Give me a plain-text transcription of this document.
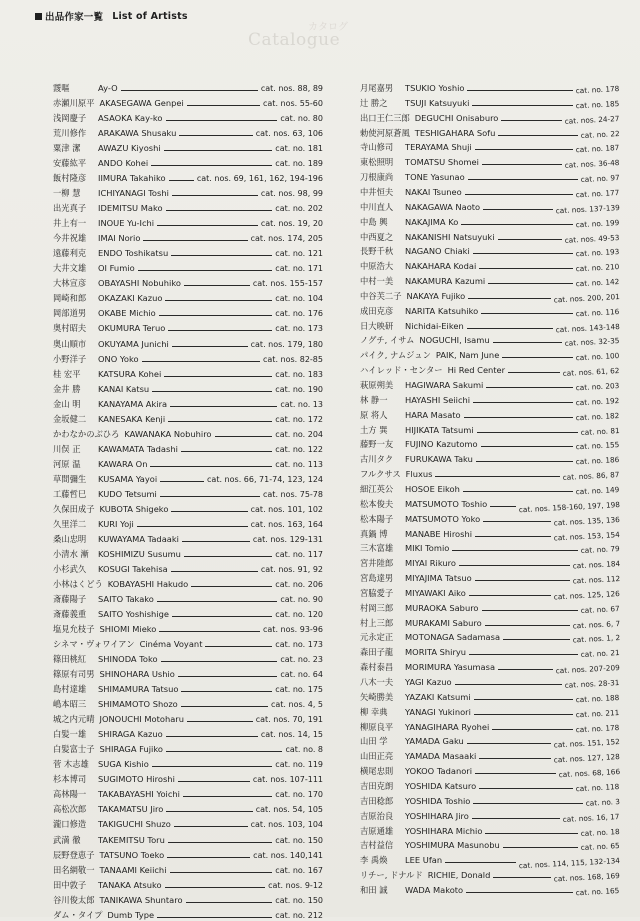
出品作家一覧 List of Artists
カタログ
Catalogue
靉嘔	Ay-O	cat. nos. 88, 89
赤瀬川原平 AKASEGAWA Genpei	cat. nos. 55-60
浅岡慶子	ASAOKA Kay-ko	cat. no. 80
荒川修作	ARAKAWA Shusaku	cat. nos. 63, 106
粟津 潔	AWAZU Kiyoshi	cat. no. 181
安藤紘平	ANDO Kohei	cat. no. 189
飯村隆彦	IIMURA Takahiko	cat. nos. 69, 161, 162, 194-196
一柳 慧	ICHIYANAGI Toshi	cat. nos. 98, 99
出光真子	IDEMITSU Mako	cat. no. 202
井上有一	INOUE Yu-Ichi	cat. nos. 19, 20
今井祝雄	IMAI Norio	cat. nos. 174, 205
遠藤利克	ENDO Toshikatsu	cat. no. 121
大井文雄	OI Fumio	cat. no. 171
大林宣彦	OBAYASHI Nobuhiko	cat. nos. 155-157
岡崎和郎	OKAZAKI Kazuo	cat. no. 104
岡部道男	OKABE Michio	cat. no. 176
奥村昭夫	OKUMURA Teruo	cat. no. 173
奥山順市	OKUYAMA Junichi	cat. nos. 179, 180
小野洋子	ONO Yoko	cat. nos. 82-85
桂 宏平	KATSURA Kohei	cat. no. 183
金井 勝	KANAI Katsu	cat. no. 190
金山 明	KANAYAMA Akira	cat. no. 13
金坂健二	KANESAKA Kenji	cat. no. 172
かわなかのぶひろ KAWANAKA Nobuhiro	cat. no. 204
川俣 正	KAWAMATA Tadashi	cat. no. 122
河原 温	KAWARA On	cat. no. 113
草間彌生	KUSAMA Yayoi	cat. nos. 66, 71-74, 123, 124
工藤哲巳	KUDO Tetsumi	cat. nos. 75-78
久保田成子 KUBOTA Shigeko	cat. nos. 101, 102
久里洋二	KURI Yoji	cat. nos. 163, 164
桑山忠明	KUWAYAMA Tadaaki	cat. nos. 129-131
小清水 漸	KOSHIMIZU Susumu	cat. no. 117
小杉武久	KOSUGI Takehisa	cat. nos. 91, 92
小林はくどう KOBAYASHI Hakudo	cat. no. 206
斎藤陽子	SAITO Takako	cat. no. 90
斎藤義重	SAITO Yoshishige	cat. no. 120
塩見允枝子 SHIOMI Mieko	cat. nos. 93-96
シネマ・ヴォワイアン Cinéma Voyant	cat. no. 173
篠田桃紅	SHINODA Toko	cat. no. 23
篠原有司男 SHINOHARA Ushio	cat. no. 64
島村達雄	SHIMAMURA Tatsuo	cat. no. 175
嶋本昭三	SHIMAMOTO Shozo	cat. nos. 4, 5
城之内元晴 JONOUCHI Motoharu	cat. nos. 70, 191
白髪一雄	SHIRAGA Kazuo	cat. nos. 14, 15
白髪富士子 SHIRAGA Fujiko	cat. no. 8
菅 木志雄	SUGA Kishio	cat. no. 119
杉本博司	SUGIMOTO Hiroshi	cat. nos. 107-111
高林陽一	TAKABAYASHI Yoichi	cat. no. 170
高松次郎	TAKAMATSU Jiro	cat. nos. 54, 105
瀧口修造	TAKIGUCHI Shuzo	cat. nos. 103, 104
武満 徹	TAKEMITSU Toru	cat. no. 150
辰野登恵子 TATSUNO Toeko	cat. nos. 140,141
田名網敬一 TANAAMI Keiichi	cat. no. 167
田中敦子	TANAKA Atsuko	cat. nos. 9-12
谷川俊太郎 TANIKAWA Shuntaro	cat. no. 150
ダム・タイプ Dumb Type	cat. no. 212
月尾嘉男	TSUKIO Yoshio	cat. no. 178
辻 勝之	TSUJI Katsuyuki	cat. no. 185
出口王仁三郎 DEGUCHI Onisaburo	cat. nos. 24-27
勅使河原蒼風 TESHIGAHARA Sofu	cat. no. 22
寺山修司	TERAYAMA Shuji	cat. no. 187
東松照明	TOMATSU Shomei	cat. nos. 36-48
刀根康尚	TONE Yasunao	cat. no. 97
中井恒夫	NAKAI Tsuneo	cat. no. 177
中川直人	NAKAGAWA Naoto	cat. nos. 137-139
中島 興	NAKAJIMA Ko	cat. no. 199
中西夏之	NAKANISHI Natsuyuki	cat. nos. 49-53
長野千秋	NAGANO Chiaki	cat. no. 193
中原浩大	NAKAHARA Kodai	cat. no. 210
中村一美	NAKAMURA Kazumi	cat. no. 142
中谷芙二子 NAKAYA Fujiko	cat. nos. 200, 201
成田克彦	NARITA Katsuhiko	cat. no. 116
日大映研	Nichidai-Eiken	cat. nos. 143-148
ノグチ, イサム NOGUCHI, Isamu	cat. nos. 32-35
パイク, ナムジュン PAIK, Nam June	cat. no. 100
ハイレッド・センター Hi Red Center	cat. nos. 61, 62
萩原朔美	HAGIWARA Sakumi	cat. no. 203
林 静一	HAYASHI Seiichi	cat. no. 192
原 将人	HARA Masato	cat. no. 182
土方 巽	HIJIKATA Tatsumi	cat. no. 81
藤野一友	FUJINO Kazutomo	cat. no. 155
古川タク	FURUKAWA Taku	cat. no. 186
フルクサス Fluxus	cat. nos. 86, 87
細江英公	HOSOE Eikoh	cat. no. 149
松本俊夫	MATSUMOTO Toshio	cat. nos. 158-160, 197, 198
松本陽子	MATSUMOTO Yoko	cat. nos. 135, 136
真鍋 博	MANABE Hiroshi	cat. nos. 153, 154
三木富雄	MIKI Tomio	cat. no. 79
宮井陸郎	MIYAI Rikuro	cat. nos. 184
宮島達男	MIYAJIMA Tatsuo	cat. nos. 112
宮脇愛子	MIYAWAKI Aiko	cat. nos. 125, 126
村岡三郎	MURAOKA Saburo	cat. no. 67
村上三郎	MURAKAMI Saburo	cat. nos. 6, 7
元永定正	MOTONAGA Sadamasa	cat. nos. 1, 2
森田子龍	MORITA Shiryu	cat. no. 21
森村泰昌	MORIMURA Yasumasa	cat. nos. 207-209
八木一夫	YAGI Kazuo	cat. nos. 28-31
矢崎勝美	YAZAKI Katsumi	cat. no. 188
柳 幸典	YANAGI Yukinori	cat. no. 211
柳原良平	YANAGIHARA Ryohei	cat. no. 178
山田 学	YAMADA Gaku	cat. nos. 151, 152
山田正亮	YAMADA Masaaki	cat. nos. 127, 128
横尾忠則	YOKOO Tadanori	cat. nos. 68, 166
吉田克朗	YOSHIDA Katsuro	cat. no. 118
吉田稔郎	YOSHIDA Toshio	cat. no. 3
吉原治良	YOSHIHARA Jiro	cat. nos. 16, 17
吉原通雄	YOSHIHARA Michio	cat. no. 18
吉村益信	YOSHIMURA Masunobu	cat. no. 65
李 禹煥	LEE Ufan	cat. nos. 114, 115, 132-134
リチー, ドナルド RICHIE, Donald	cat. nos. 168, 169
和田 誠	WADA Makoto	cat. no. 165
